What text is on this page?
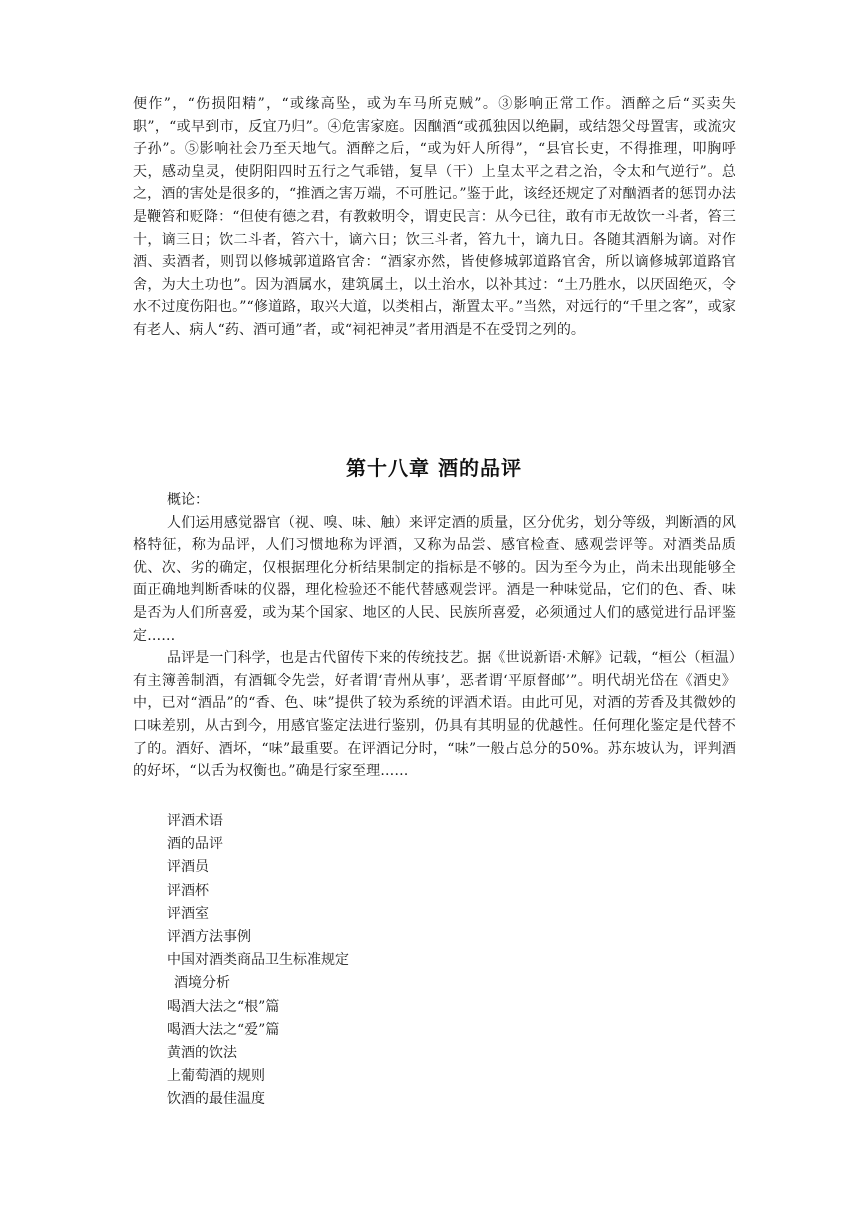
便作”，“伤损阳精”，“或缘高坠，或为车马所克贼”。③影响正常工作。酒醉之后“买卖失职”，“或早到市，反宜乃归”。④危害家庭。因酗酒“或孤独因以绝嗣，或结怨父母置害，或流灾子孙”。⑤影响社会乃至天地气。酒醉之后，“或为奸人所得”，“县官长吏，不得推理，叩胸呼天，感动皇灵，使阴阳四时五行之气乖错，复旱（干）上皇太平之君之治，令太和气逆行”。总之，酒的害处是很多的，“推酒之害万端，不可胜记。”鉴于此，该经还规定了对酗酒者的惩罚办法是鞭笞和贬降：“但使有德之君，有教敕明令，谓吏民言：从今已往，敢有市无故饮一斗者，笞三十，谪三日；饮二斗者，笞六十，谪六日；饮三斗者，笞九十，谪九日。各随其酒斛为谪。对作酒、卖酒者，则罚以修城郭道路官舍：“酒家亦然，皆使修城郭道路官舍，所以谪修城郭道路官舍，为大土功也”。因为酒属水，建筑属土，以土治水，以补其过：“土乃胜水，以厌固绝灭，令水不过度伤阳也。”“修道路，取兴大道，以类相占，渐置太平。”当然，对远行的“千里之客”，或家有老人、病人“药、酒可通”者，或“祠祀神灵”者用酒是不在受罚之列的。

第十八章 酒的品评

概论：

人们运用感觉器官（视、嗅、味、触）来评定酒的质量，区分优劣，划分等级，判断酒的风格特征，称为品评，人们习惯地称为评酒，又称为品尝、感官检查、感观尝评等。对酒类品质优、次、劣的确定，仅根据理化分析结果制定的指标是不够的。因为至今为止，尚未出现能够全面正确地判断香味的仪器，理化检验还不能代替感观尝评。酒是一种味觉品，它们的色、香、味是否为人们所喜爱，或为某个国家、地区的人民、民族所喜爱，必须通过人们的感觉进行品评鉴定……

品评是一门科学，也是古代留传下来的传统技艺。据《世说新语·术解》记载，“桓公（桓温）有主簿善制酒，有酒辄令先尝，好者谓‘青州从事’，恶者谓‘平原督邮’”。明代胡光岱在《酒史》中，已对“酒品”的“香、色、味”提供了较为系统的评酒术语。由此可见，对酒的芳香及其微妙的口味差别，从古到今，用感官鉴定法进行鉴别，仍具有其明显的优越性。任何理化鉴定是代替不了的。酒好、酒坏，“味”最重要。在评酒记分时，“味”一般占总分的50%。苏东坡认为，评判酒的好坏，“以舌为权衡也。”确是行家至理……

评酒术语
酒的品评
评酒员
评酒杯
评酒室
评酒方法事例
中国对酒类商品卫生标准规定
酒境分析
喝酒大法之“根”篇
喝酒大法之“爱”篇
黄酒的饮法
上葡萄酒的规则
饮酒的最佳温度
